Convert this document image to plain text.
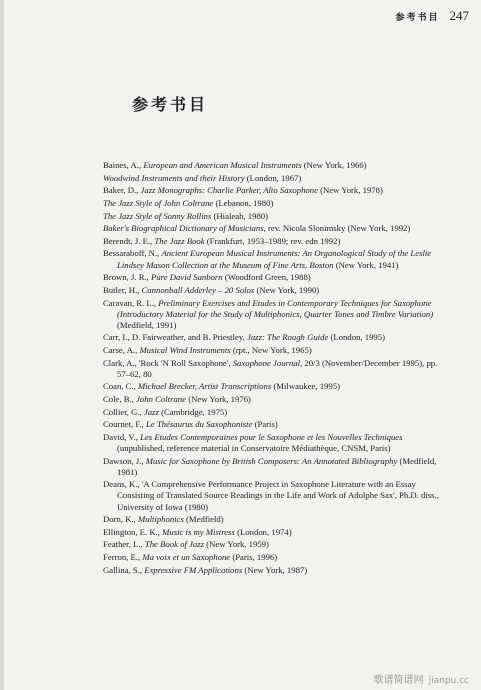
参考书目 247
参考书目

Baines, A., European and American Musical Instruments (New York, 1966)

Woodwind Instruments and their History (London, 1967)

Baker, D., Jazz Monographs: Charlie Parker, Alto Saxophone (New York, 1978)

The Jazz Style of John Coltrane (Lebanon, 1980)

The Jazz Style of Sonny Rollins (Hialeah, 1980)

Baker's Biographical Dictionary of Musicians, rev. Nicola Slonimsky (New York, 1992)

Berendt, J. E., The Jazz Book (Frankfurt, 1953–1989; rev. edn 1992)

Bessaraboff, N., Ancient European Musical Instruments: An Organological Study of the Leslie Lindsey Mason Collection at the Museum of Fine Arts, Boston (New York, 1941)

Brown, J. R., Pure David Sanborn (Woodford Green, 1988)

Butler, H., Cannonball Adderley – 20 Solos (New York, 1990)

Caravan, R. L., Preliminary Exercises and Etudes in Contemporary Techniques for Saxophone (Introductory Material for the Study of Multiphonics, Quarter Tones and Timbre Variation) (Medfield, 1991)

Carr, I., D. Fairweather, and B. Priestley, Jazz: The Rough Guide (London, 1995)

Carse, A., Musical Wind Instruments (rpt., New York, 1965)

Clark, A., 'Rock 'N Roll Saxophone', Saxophone Journal, 20/3 (November/December 1995), pp. 57–62, 80

Coan, C., Michael Brecker, Artist Transcriptions (Milwaukee, 1995)

Cole, B., John Coltrane (New York, 1976)

Collier, G., Jazz (Cambridge, 1975)

Cournet, F., Le Thésaurus du Saxophoniste (Paris)

David, V., Les Etudes Contemporaines pour le Saxophone et les Nouvelles Techniques (unpublished, reference material in Conservatoire Médiathèque, CNSM, Paris)

Dawson, J., Music for Saxophone by British Composers: An Annotated Bibliography (Medfield, 1981)

Deans, K., 'A Comprehensive Performance Project in Saxophone Literature with an Essay Consisting of Translated Source Readings in the Life and Work of Adolphe Sax', Ph.D. diss., University of Iowa (1980)

Dorn, K., Multiphonics (Medfield)

Ellington, E. K., Music is my Mistress (London, 1974)

Feather, L., The Book of Jazz (New York, 1959)

Ferron, E., Ma voix et un Saxophone (Paris, 1996)

Gallina, S., Expressive FM Applications (New York, 1987)

歌谱简谱网 jianpu.cc
